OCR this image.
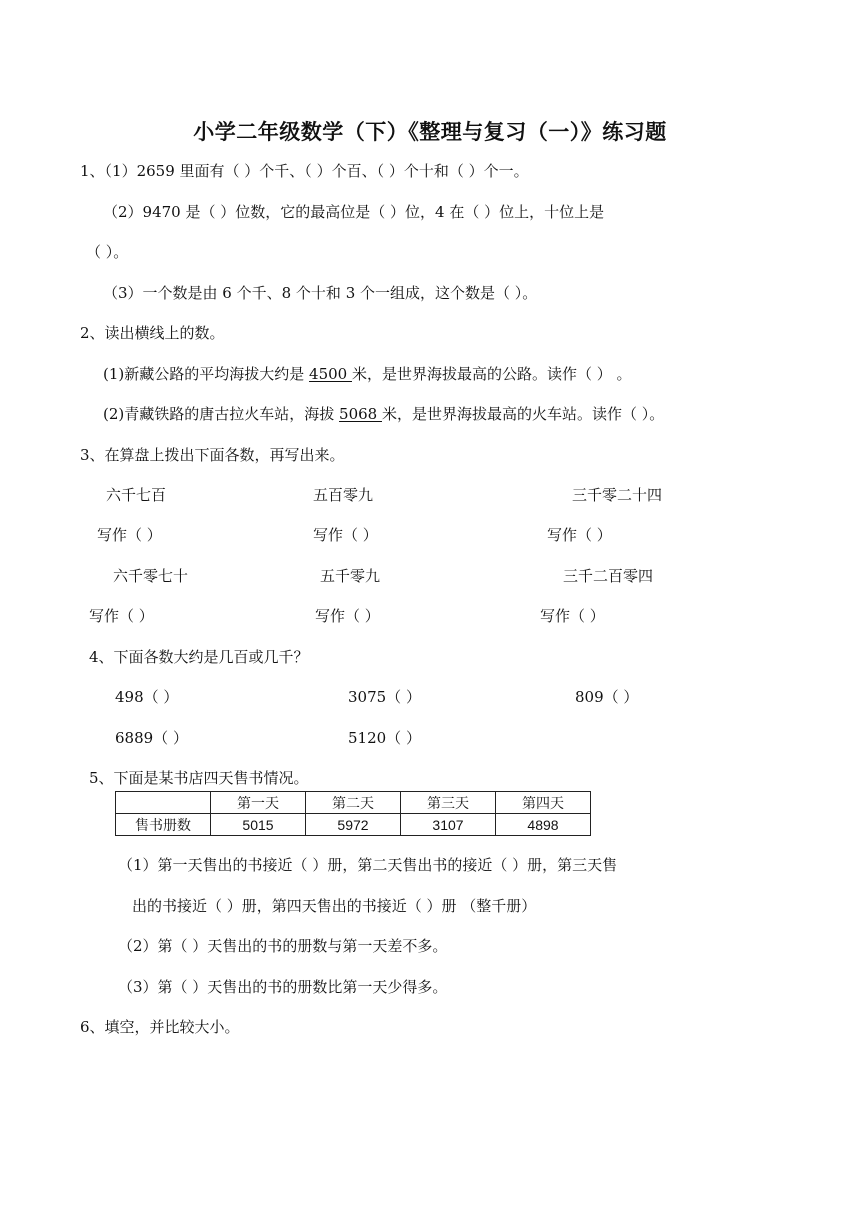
小学二年级数学（下）《整理与复习（一）》练习题
1、（1）2659 里面有（ ）个千、（ ）个百、（ ）个十和（ ）个一。
（2）9470 是（ ）位数，它的最高位是（ ）位，4 在（ ）位上，十位上是
（ ）。
（3）一个数是由 6 个千、8 个十和 3 个一组成，这个数是（ ）。
2、读出横线上的数。
(1)新藏公路的平均海拔大约是 4500 米，是世界海拔最高的公路。读作（ ） 。
(2)青藏铁路的唐古拉火车站，海拔 5068 米，是世界海拔最高的火车站。读作（ ）。
3、在算盘上拨出下面各数，再写出来。
六千七百	五百零九	三千零二十四
写作（ ）	写作（ ）	写作（ ）
六千零七十	五千零九	三千二百零四
写作（ ）	写作（ ）	写作（ ）
4、下面各数大约是几百或几千？
498（ ）	3075（ ）	809（ ）
6889（ ）	5120（ ）
5、下面是某书店四天售书情况。
	第一天	第二天	第三天	第四天
售书册数	5015	5972	3107	4898
（1）第一天售出的书接近（ ）册，第二天售出书的接近（ ）册，第三天售
出的书接近（ ）册，第四天售出的书接近（ ）册 （整千册）
（2）第（ ）天售出的书的册数与第一天差不多。
（3）第（ ）天售出的书的册数比第一天少得多。
6、填空，并比较大小。
